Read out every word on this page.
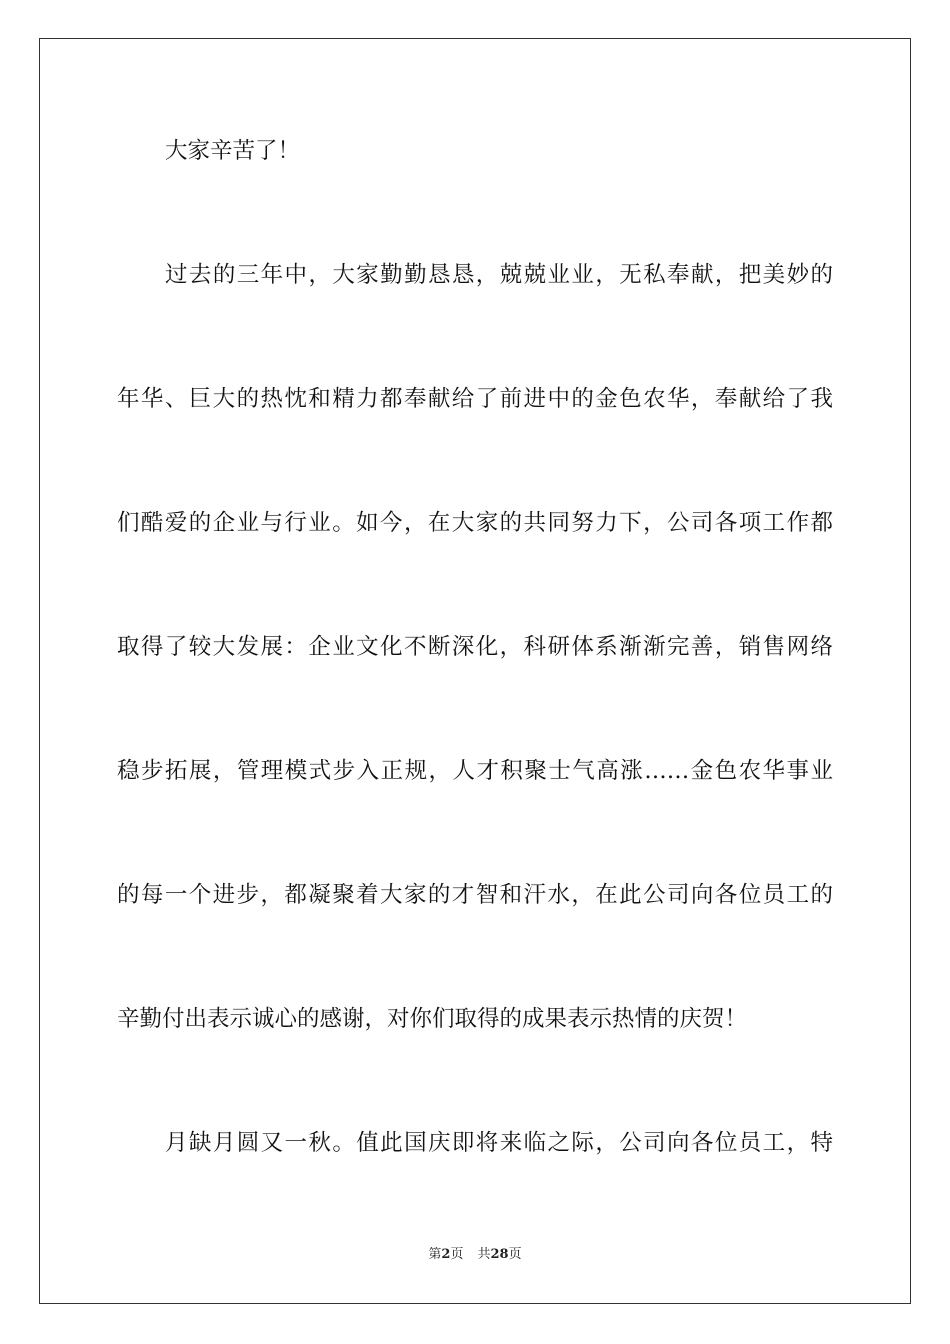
大家辛苦了！
过去的三年中，大家勤勤恳恳，兢兢业业，无私奉献，把美妙的
年华、巨大的热忱和精力都奉献给了前进中的金色农华，奉献给了我
们酷爱的企业与行业。如今，在大家的共同努力下，公司各项工作都
取得了较大发展：企业文化不断深化，科研体系渐渐完善，销售网络
稳步拓展，管理模式步入正规，人才积聚士气高涨……金色农华事业
的每一个进步，都凝聚着大家的才智和汗水，在此公司向各位员工的
辛勤付出表示诚心的感谢，对你们取得的成果表示热情的庆贺！
月缺月圆又一秋。值此国庆即将来临之际，公司向各位员工，特
第2页 共28页
